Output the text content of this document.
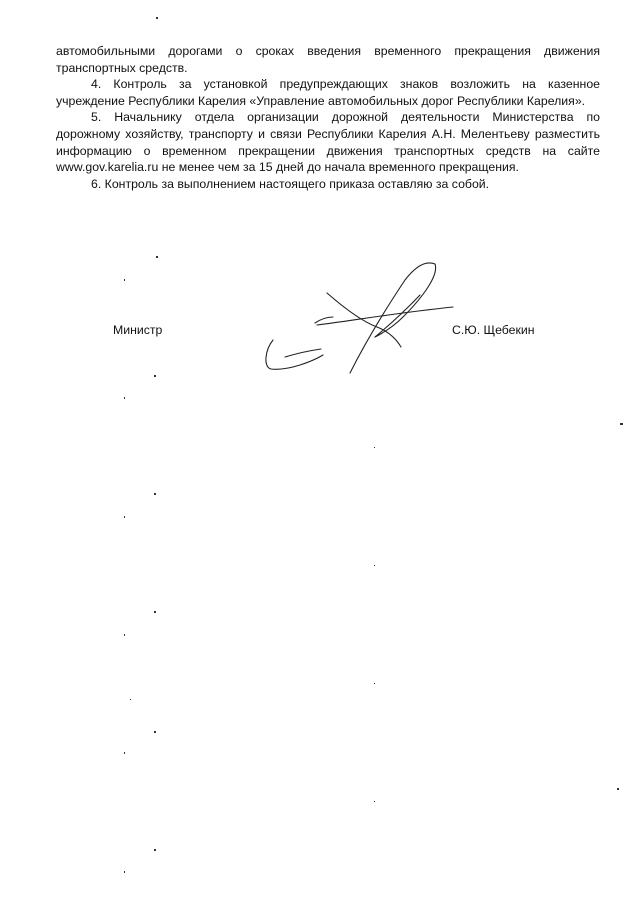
автомобильными дорогами о сроках введения временного прекращения движения транспортных средств.

4. Контроль за установкой предупреждающих знаков возложить на казенное учреждение Республики Карелия «Управление автомобильных дорог Республики Карелия».

5. Начальнику отдела организации дорожной деятельности Министерства по дорожному хозяйству, транспорту и связи Республики Карелия А.Н. Мелентьеву разместить информацию о временном прекращении движения транспортных средств на сайте www.gov.karelia.ru не менее чем за 15 дней до начала временного прекращения.

6. Контроль за выполнением настоящего приказа оставляю за собой.

Министр	С.Ю. Щебекин
